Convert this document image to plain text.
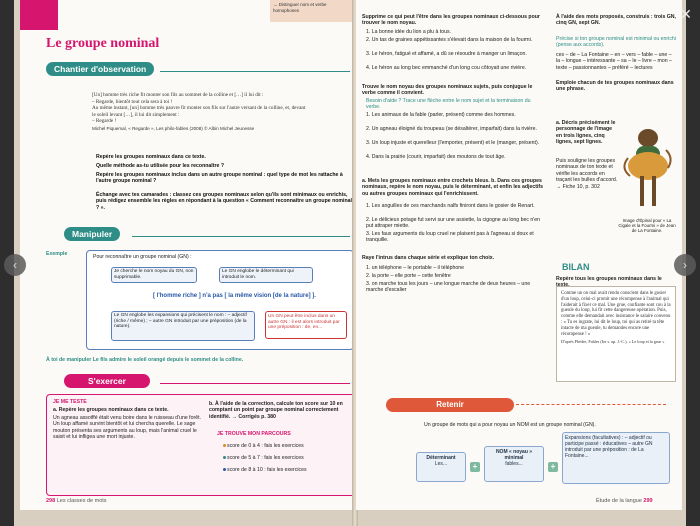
→ Distinguer nom et verbe homophones
Le groupe nominal
Chantier d'observation
[Un] homme très riche fit monter son fils au sommet de la colline et […] il lui dit :
– Regarde, bientôt tout cela sera à toi !
Au même instant, [un] homme très pauvre fit monter son fils sur l'autre versant de la colline, et, devant
le soleil levant […], il lui dit simplement :
– Regarde !
Michel Piquemal, « Regarde », Les philo-fables (2008) © Albin Michel Jeunesse
Repère les groupes nominaux dans ce texte.
Quelle méthode as-tu utilisée pour les reconnaître ?
Repère les groupes nominaux inclus dans un autre groupe nominal : quel type de mot les rattache à l'autre groupe nominal ?
Échange avec tes camarades : classez ces groupes nominaux selon qu'ils sont minimaux ou enrichis, puis rédigez ensemble les règles en répondant à la question « Comment reconnaître un groupe nominal ? ».
Manipuler
Exemple	Pour reconnaître un groupe nominal (GN) :
Je cherche le nom noyau du GN, non supprimable.
Le GN englobe le déterminant qui introduit le nom.
[ l'homme riche ] n'a pas [ la même vision [de la nature] ].
Le GN englobe les expansions qui précisent le nom : – adjectif (riche / même) ; – autre GN introduit par une préposition (de la nature).
Un GN peut être inclus dans un autre GN : il est alors introduit par une préposition : de, en...
À toi de manipuler Le fils admire le soleil orangé depuis le sommet de la colline.
S'exercer
JE ME TESTE
a. Repère les groupes nominaux dans ce texte.
Un agneau assoiffé était venu boire dans le ruisseau d'une forêt. Un loup affamé survint bientôt et lui chercha querelle. Le sage mouton présenta ses arguments au loup, mais l'animal cruel le saisit et lui infligea une mort injuste.
b. À l'aide de la correction, calcule ton score sur 10 en comptant un point par groupe nominal correctement identifié. → Corrigés p. 380
JE TROUVE MON PARCOURS
score de 0 à 4 : fais les exercices
score de 5 à 7 : fais les exercices
score de 8 à 10 : fais les exercices
298 Les classes de mots
Supprime ce qui peut l'être dans les groupes nominaux ci-dessous pour trouver le nom noyau.
1. La bonne idée du lion a plu à tous.
2. Un tas de graines appétissantes s'élevait dans la maison de la fourmi.
3. Le héron, fatigué et affamé, a dû se résoudre à manger un limaçon.
4. Le héron au long bec emmanché d'un long cou côtoyait une rivière.
Trouve le nom noyau des groupes nominaux sujets, puis conjugue le verbe comme il convient.
Besoin d'aide ? Trace une flèche entre le nom sujet et la terminaison du verbe.
1. Les animaux de la fable (parler, présent) comme des hommes.
2. Un agneau éloigné du troupeau (se désaltérer, imparfait) dans la rivière.
3. Un loup injuste et querelleur (l'emporter, présent) et le (manger, présent).
4. Dans la prairie (courir, imparfait) des moutons de tout âge.
a. Mets les groupes nominaux entre crochets bleus. b. Dans ces groupes nominaux, repère le nom noyau, puis le déterminant, et enfin les adjectifs ou autres groupes nominaux qui l'enrichissent.
1. Les anguilles de ces marchands nalfs finiront dans le gosier de Renart.
2. Le délicieux potage fut servi sur une assiette, la cigogne au long bec n'en put attraper miette.
3. Les faux arguments du loup cruel ne plaisent pas à l'agneau si doux et tranquille.
Raye l'intrus dans chaque série et explique ton choix.
1. un téléphone – le portable – il téléphone
2. la porte – elle porte – cette fenêtre
3. on marche tous les jours – une longue marche de deux heures – une marche d'escalier
À l'aide des mots proposés, construis : trois GN, cinq GN, sept GN.
Précise si ton groupe nominal est minimal ou enrichi (pense aux accords).
ces – de – La Fontaine – en – vers – fable – une – la – longue – intéressante – sa – le – livre – mon – texte – passionnantes – préféré – lectures
Emploie chacun de tes groupes nominaux dans une phrase.
a. Décris précisément le personnage de l'image en trois lignes, cinq lignes, sept lignes.
Puis souligne les groupes nominaux de ton texte et vérifie les accords en traçant les bulles d'accord. → Fiche 10, p. 302
Image d'Épinal pour « La Cigale et la Fourmi » de Jean de La Fontaine.
BILAN
Repère tous les groupes nominaux dans le
Comme un on mal avait rendu conscient dans le gosier d'un loup, celui-ci promit une récompense à l'animal qui l'aiderait à fixer ce mal. Une grue, confiante sont cou à la gueule du loup, lui fit cette dangereuse opération. Puis, comme elle demandait avec insistance le salaire convenu : « Tu es ingrate, lui dit le loup, toi qui as retiré ta tête intacte de ma gueule, tu demandes encore une récompense ! »
D'après Phèdre, Fables (Ier s. ap. J.-C.), « Le loup et la grue »
Retenir
Un groupe de mots qui a pour noyau un NOM est un groupe nominal (GN).
Déterminant
Les...	+
NOM « noyau » minimal
fables...	+
Expansions (facultatives) : – adjectif ou participe passé : éducatives – autre GN introduit par une préposition : de La Fontaine...
Étude de la langue 299
‹	›
✕
